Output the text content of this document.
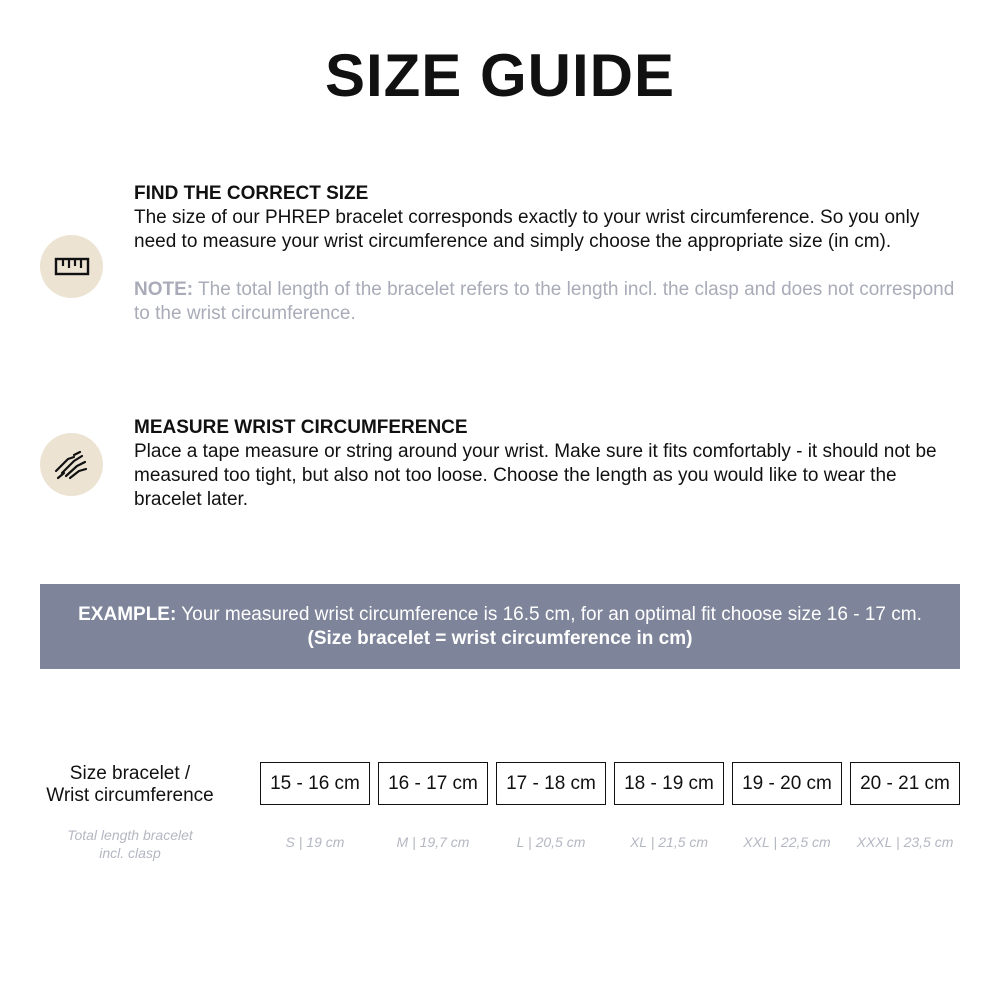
SIZE GUIDE
FIND THE CORRECT SIZE
The size of our PHREP bracelet corresponds exactly to your wrist circumference. So you only need to measure your wrist circumference and simply choose the appropriate size (in cm).
NOTE: The total length of the bracelet refers to the length incl. the clasp and does not correspond to the wrist circumference.
MEASURE WRIST CIRCUMFERENCE
Place a tape measure or string around your wrist. Make sure it fits comfortably - it should not be measured too tight, but also not too loose. Choose the length as you would like to wear the bracelet later.
EXAMPLE: Your measured wrist circumference is 16.5 cm, for an optimal fit choose size 16 - 17 cm.
(Size bracelet = wrist circumference in cm)
Size bracelet /
Wrist circumference
15 - 16 cm	16 - 17 cm	17 - 18 cm	18 - 19 cm	19 - 20 cm	20 - 21 cm
Total length bracelet
incl. clasp
S | 19 cm	M | 19,7 cm	L | 20,5 cm	XL | 21,5 cm	XXL | 22,5 cm	XXXL | 23,5 cm
